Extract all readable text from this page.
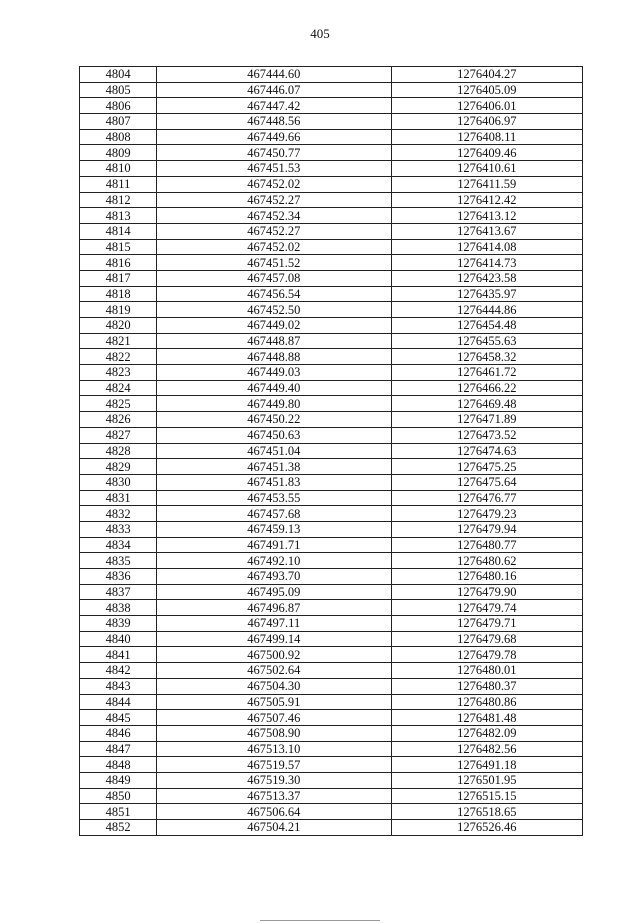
405
4804	467444.60	1276404.27
4805	467446.07	1276405.09
4806	467447.42	1276406.01
4807	467448.56	1276406.97
4808	467449.66	1276408.11
4809	467450.77	1276409.46
4810	467451.53	1276410.61
4811	467452.02	1276411.59
4812	467452.27	1276412.42
4813	467452.34	1276413.12
4814	467452.27	1276413.67
4815	467452.02	1276414.08
4816	467451.52	1276414.73
4817	467457.08	1276423.58
4818	467456.54	1276435.97
4819	467452.50	1276444.86
4820	467449.02	1276454.48
4821	467448.87	1276455.63
4822	467448.88	1276458.32
4823	467449.03	1276461.72
4824	467449.40	1276466.22
4825	467449.80	1276469.48
4826	467450.22	1276471.89
4827	467450.63	1276473.52
4828	467451.04	1276474.63
4829	467451.38	1276475.25
4830	467451.83	1276475.64
4831	467453.55	1276476.77
4832	467457.68	1276479.23
4833	467459.13	1276479.94
4834	467491.71	1276480.77
4835	467492.10	1276480.62
4836	467493.70	1276480.16
4837	467495.09	1276479.90
4838	467496.87	1276479.74
4839	467497.11	1276479.71
4840	467499.14	1276479.68
4841	467500.92	1276479.78
4842	467502.64	1276480.01
4843	467504.30	1276480.37
4844	467505.91	1276480.86
4845	467507.46	1276481.48
4846	467508.90	1276482.09
4847	467513.10	1276482.56
4848	467519.57	1276491.18
4849	467519.30	1276501.95
4850	467513.37	1276515.15
4851	467506.64	1276518.65
4852	467504.21	1276526.46
